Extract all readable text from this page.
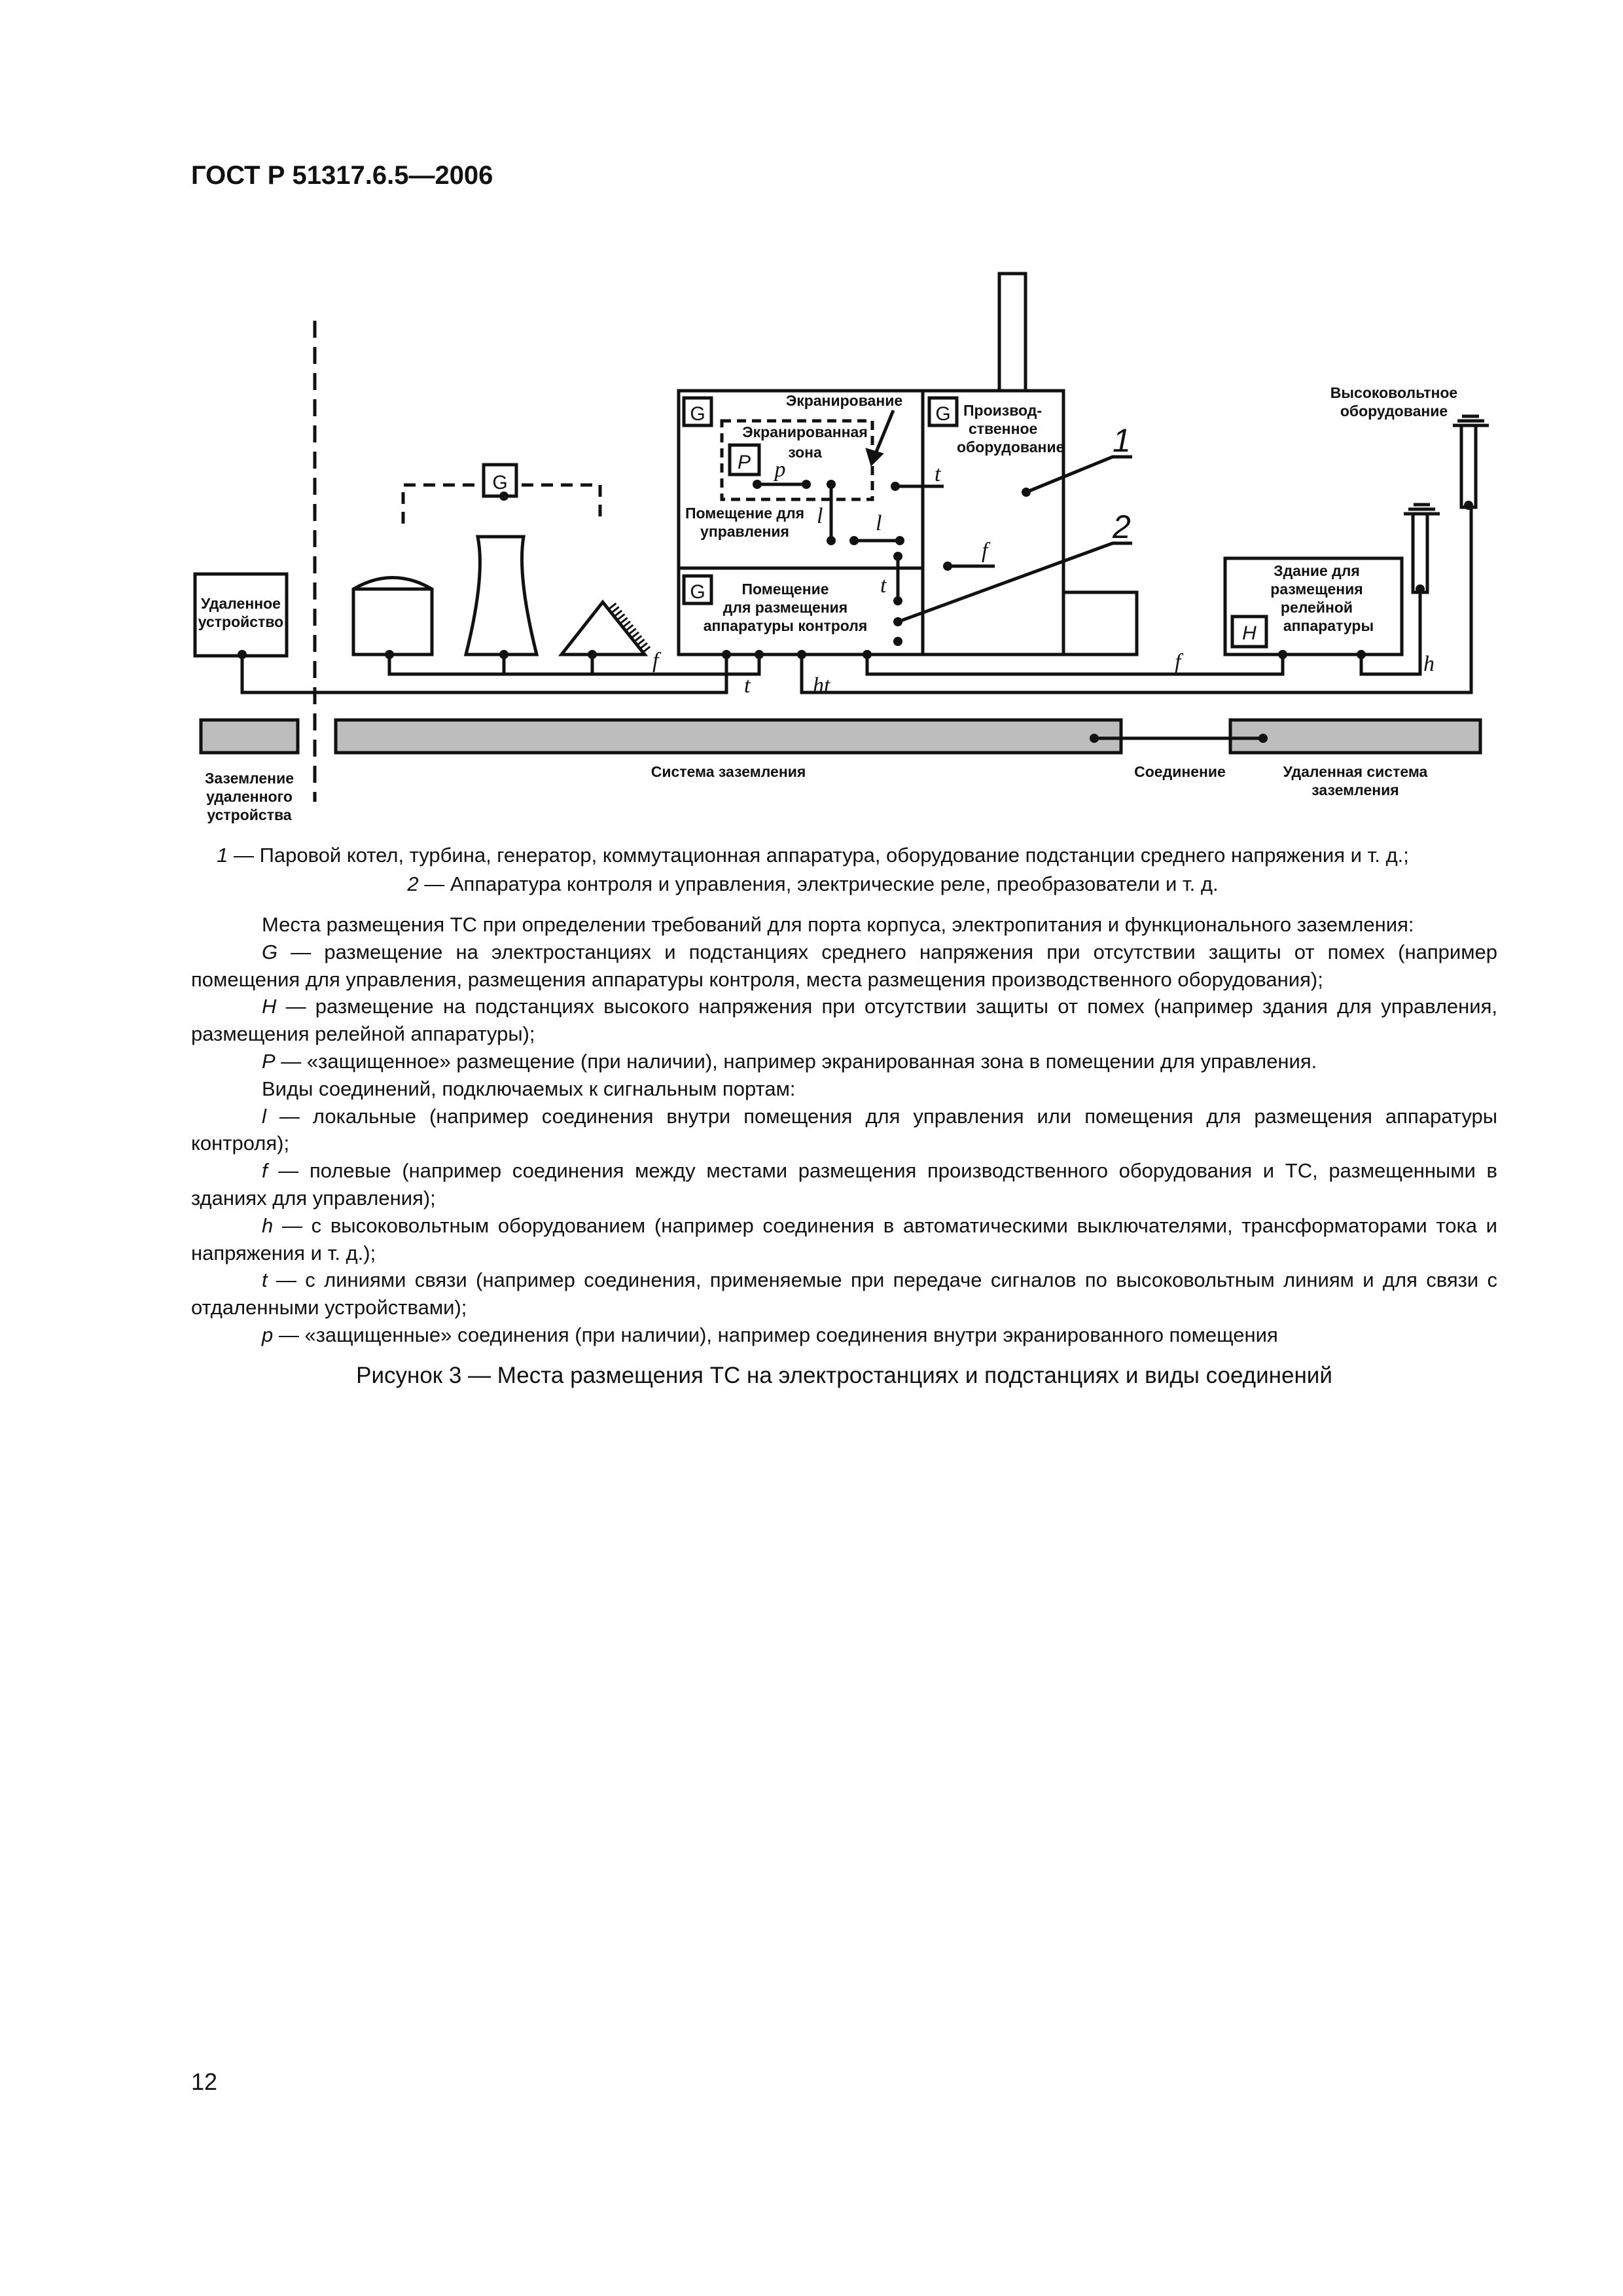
ГОСТ Р 51317.6.5—2006
Удаленное устройство
G
G
G
G
Экранирование
Экранированная зона
P p
Помещение для управления
Производ-ственное оборудование
Помещение для размещения аппаратуры контроля
Высоковольтное оборудование
Здание для размещения релейной аппаратуры
H
Заземление удаленного устройства
Система заземления	Соединение	Удаленная система заземления
t
t
t
l l
f
f	f
ht
h
1
2
1 — Паровой котел, турбина, генератор, коммутационная аппаратура, оборудование подстанции среднего напряжения и т. д.;
2 — Аппаратура контроля и управления, электрические реле, преобразователи и т. д.

Места размещения ТС при определении требований для порта корпуса, электропитания и функционального заземления:

G — размещение на электростанциях и подстанциях среднего напряжения при отсутствии защиты от помех (например помещения для управления, размещения аппаратуры контроля, места размещения производственного оборудования);

H — размещение на подстанциях высокого напряжения при отсутствии защиты от помех (например здания для управления, размещения релейной аппаратуры);

P — «защищенное» размещение (при наличии), например экранированная зона в помещении для управления.

Виды соединений, подключаемых к сигнальным портам:

l — локальные (например соединения внутри помещения для управления или помещения для размещения аппаратуры контроля);

f — полевые (например соединения между местами размещения производственного оборудования и ТС, размещенными в зданиях для управления);

h — с высоковольтным оборудованием (например соединения в автоматическими выключателями, трансформаторами тока и напряжения и т. д.);

t — с линиями связи (например соединения, применяемые при передаче сигналов по высоковольтным линиям и для связи с отдаленными устройствами);

p — «защищенные» соединения (при наличии), например соединения внутри экранированного помещения

Рисунок 3 — Места размещения ТС на электростанциях и подстанциях и виды соединений
12
